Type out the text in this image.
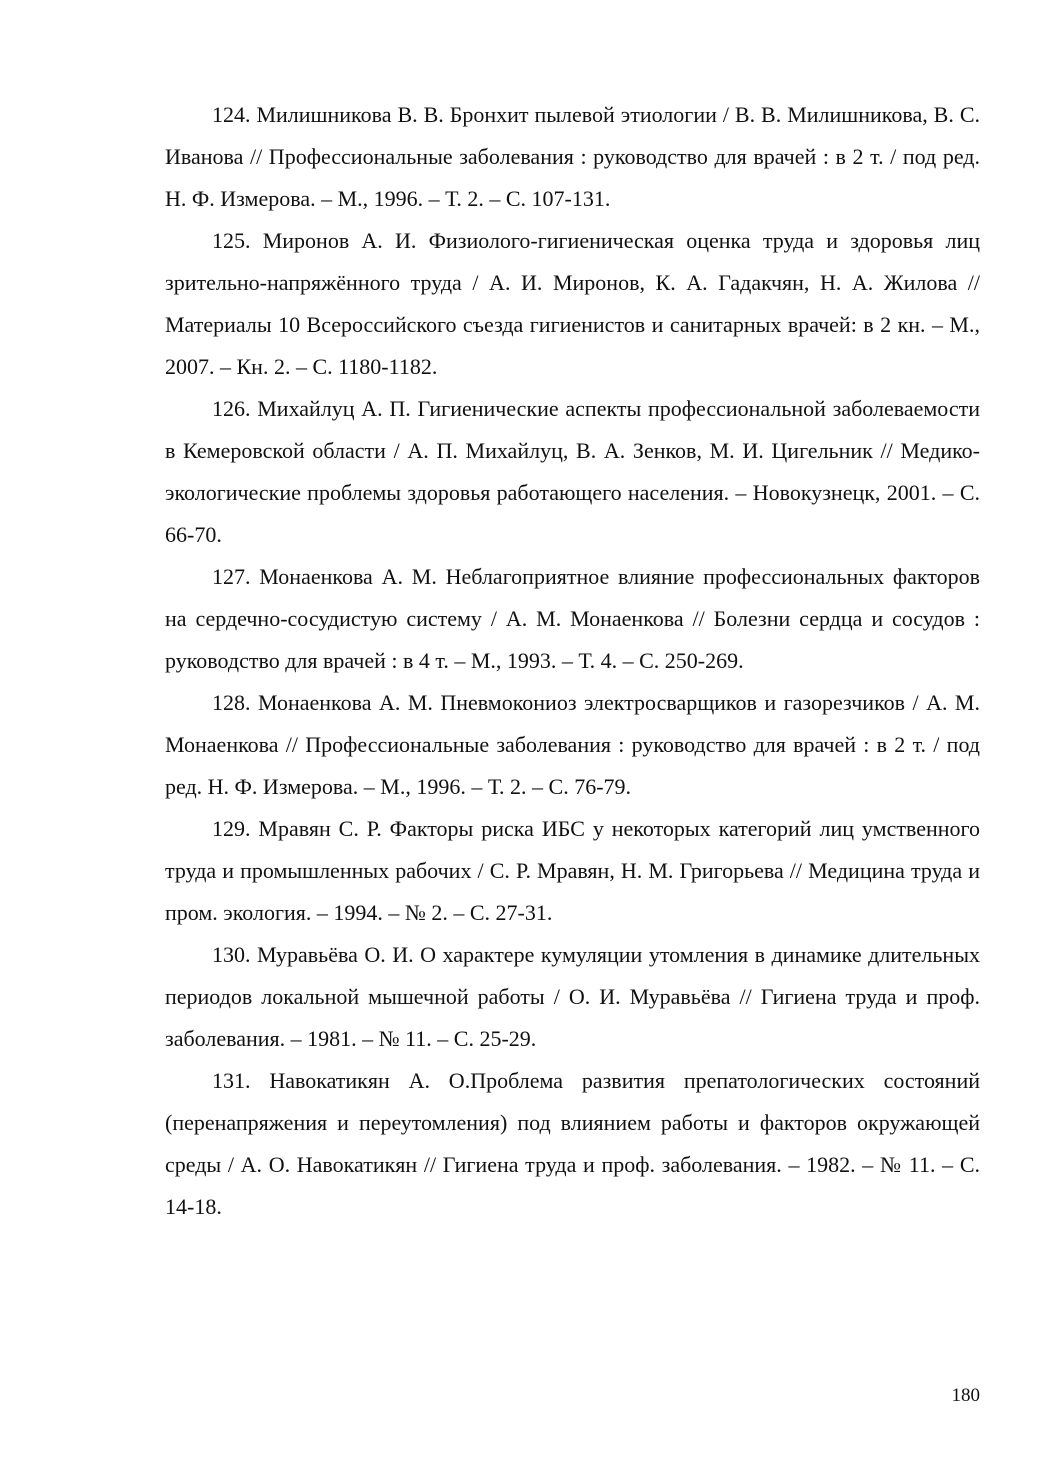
124. Милишникова В. В. Бронхит пылевой этиологии / В. В. Милишникова, В. С. Иванова // Профессиональные заболевания : руководство для врачей : в 2 т. / под ред. Н. Ф. Измерова. – М., 1996. – Т. 2. – С. 107-131.

125. Миронов А. И. Физиолого-гигиеническая оценка труда и здоровья лиц зрительно-напряжённого труда / А. И. Миронов, К. А. Гадакчян, Н. А. Жилова // Материалы 10 Всероссийского съезда гигиенистов и санитарных врачей: в 2 кн. – М., 2007. – Кн. 2. – С. 1180-1182.

126. Михайлуц А. П. Гигиенические аспекты профессиональной заболеваемости в Кемеровской области / А. П. Михайлуц, В. А. Зенков, М. И. Цигельник // Медико-экологические проблемы здоровья работающего населения. – Новокузнецк, 2001. – С. 66-70.

127. Монаенкова А. М. Неблагоприятное влияние профессиональных факторов на сердечно-сосудистую систему / А. М. Монаенкова // Болезни сердца и сосудов : руководство для врачей : в 4 т. – М., 1993. – Т. 4. – С. 250-269.

128. Монаенкова А. М. Пневмокониоз электросварщиков и газорезчиков / А. М. Монаенкова // Профессиональные заболевания : руководство для врачей : в 2 т. / под ред. Н. Ф. Измерова. – М., 1996. – Т. 2. – С. 76-79.

129. Мравян С. Р. Факторы риска ИБС у некоторых категорий лиц умственного труда и промышленных рабочих / С. Р. Мравян, Н. М. Григорьева // Медицина труда и пром. экология. – 1994. – № 2. – С. 27-31.

130. Муравьёва О. И. О характере кумуляции утомления в динамике длительных периодов локальной мышечной работы / О. И. Муравьёва // Гигиена труда и проф. заболевания. – 1981. – № 11. – С. 25-29.

131. Навокатикян А. О.Проблема развития препатологических состояний (перенапряжения и переутомления) под влиянием работы и факторов окружающей среды / А. О. Навокатикян // Гигиена труда и проф. заболевания. – 1982. – № 11. – С. 14-18.

180
